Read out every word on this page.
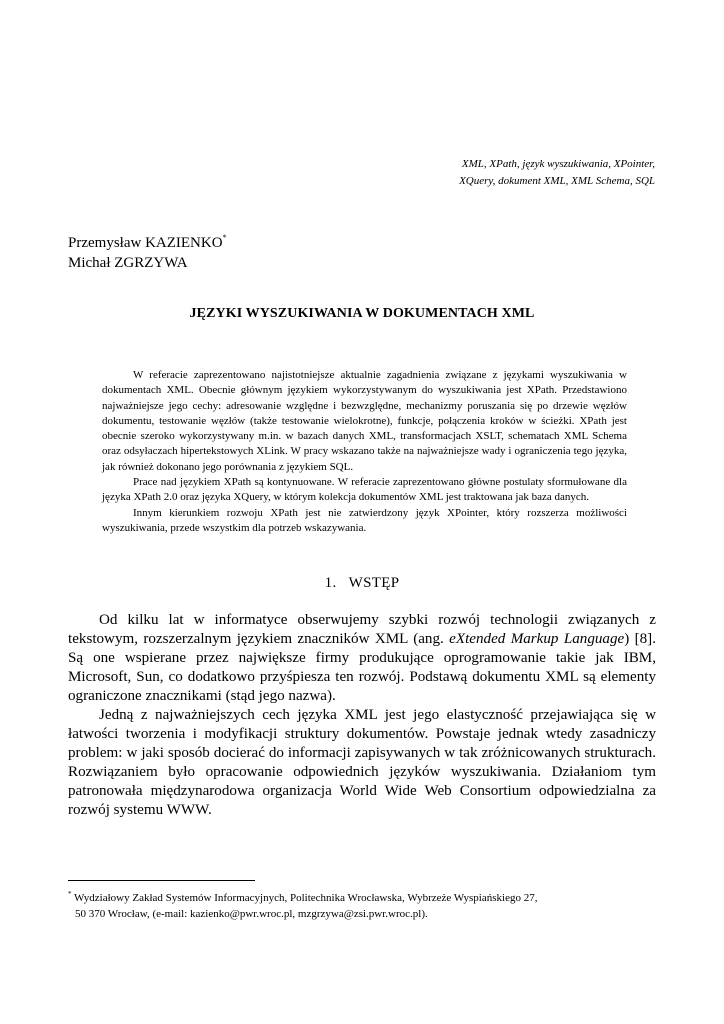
XML, XPath, język wyszukiwania, XPointer,
XQuery, dokument XML, XML Schema, SQL
Przemysław KAZIENKO*
Michał ZGRZYWA
JĘZYKI WYSZUKIWANIA W DOKUMENTACH XML

W referacie zaprezentowano najistotniejsze aktualnie zagadnienia związane z językami wyszukiwania w dokumentach XML. Obecnie głównym językiem wykorzystywanym do wyszukiwania jest XPath. Przedstawiono najważniejsze jego cechy: adresowanie względne i bezwzględne, mechanizmy poruszania się po drzewie węzłów dokumentu, testowanie węzłów (także testowanie wielokrotne), funkcje, połączenia kroków w ścieżki. XPath jest obecnie szeroko wykorzystywany m.in. w bazach danych XML, transformacjach XSLT, schematach XML Schema oraz odsyłaczach hipertekstowych XLink. W pracy wskazano także na najważniejsze wady i ograniczenia tego języka, jak również dokonano jego porównania z językiem SQL.

Prace nad językiem XPath są kontynuowane. W referacie zaprezentowano główne postulaty sformułowane dla języka XPath 2.0 oraz języka XQuery, w którym kolekcja dokumentów XML jest traktowana jak baza danych.

Innym kierunkiem rozwoju XPath jest nie zatwierdzony język XPointer, który rozszerza możliwości wyszukiwania, przede wszystkim dla potrzeb wskazywania.

1. WSTĘP

Od kilku lat w informatyce obserwujemy szybki rozwój technologii związanych z tekstowym, rozszerzalnym językiem znaczników XML (ang. eXtended Markup Language) [8]. Są one wspierane przez największe firmy produkujące oprogramowanie takie jak IBM, Microsoft, Sun, co dodatkowo przyśpiesza ten rozwój. Podstawą dokumentu XML są elementy ograniczone znacznikami (stąd jego nazwa).

Jedną z najważniejszych cech języka XML jest jego elastyczność przejawiająca się w łatwości tworzenia i modyfikacji struktury dokumentów. Powstaje jednak wtedy zasadniczy problem: w jaki sposób docierać do informacji zapisywanych w tak zróżnicowanych strukturach. Rozwiązaniem było opracowanie odpowiednich języków wyszukiwania. Działaniom tym patronowała międzynarodowa organizacja World Wide Web Consortium odpowiedzialna za rozwój systemu WWW.

* Wydziałowy Zakład Systemów Informacyjnych, Politechnika Wrocławska, Wybrzeże Wyspiańskiego 27,
50 370 Wrocław, (e-mail: kazienko@pwr.wroc.pl, mzgrzywa@zsi.pwr.wroc.pl).
